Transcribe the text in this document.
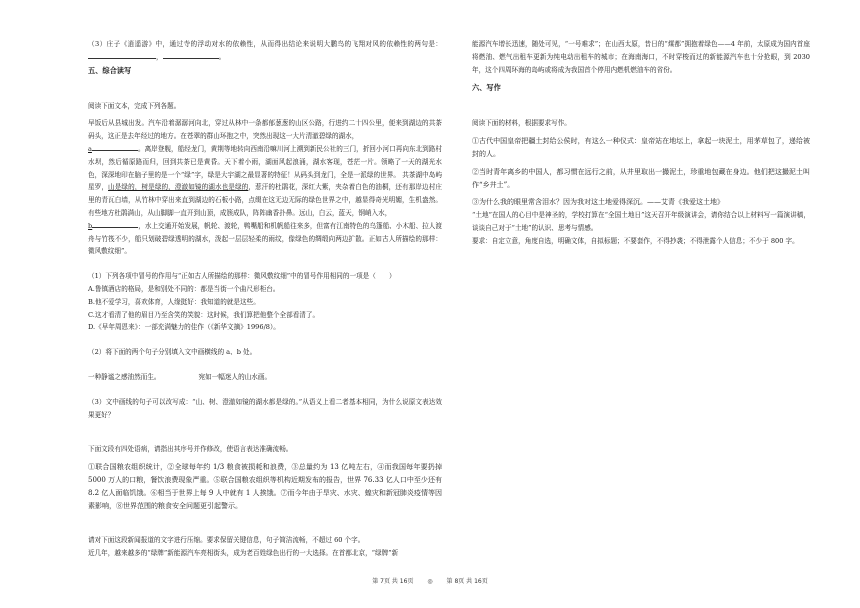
（3）庄子《逍遥游》中，通过寺的浮动对水的依赖性，从而得出结论来说明大鹏鸟的飞翔对风的依赖性的两句是：，	。

五、综合读写

阅读下面文本，完成下列各题。

早饭后从县城出发。汽车沿着潺潺河向北，穿过从林中一条都郁葱葱的山区公路，行进约二十四公里，便来到湖边的共茶码头，这正是去年经过的地方。在苍翠的群山环抱之中，突然出现这一大片清澈碧绿的湖水，
a	。离岸登舰，船经龙门，黄荆等地转向西南沿嘛川河上溯到新民公社的三门，折回小河口再向东北到路村水坝，然后循原路而归，回到共茶已是黄昏。天下着小雨，湖面风起浪涌，湖水客现，苍茫一片。领略了一天的湖光水色，深深地印在脑子里的是一个“绿”字，绿是大宇湖之最显著的特征！从码头到龙门，全是一派绿的世界。 共茶湖中岛屿星罗，山是绿的，树是绿的，澄澈如镜的湖水也是绿的，惹汗的杜鹃花，深红大紫，夹杂着白色的油桐，还有那岸边村庄里的青瓦白墙，从竹林中穿出来直到湖边的石板小路，点缀在这无边无际的绿色世界之中，越显得奇光明媚，生机盎然。有些地方杜鹃满山，从山脚脚一直开到山顶，成簇成队，阵阵幽香扑鼻。远山，白云，蓝天，钢峭入水，
b	，水上交通开始发展，帆轮、渡轮，鸭嘴船和机帆船往来多，但富有江南特色的乌篷船、小木船、拉人渡舟与竹筏不少，船只划破碧绿透明的湖水，泼起一层层轻柔的雨纹，像绿色的绸缎向两边扩散。正如古人所描绘的那样：微风敷纹细”。

（1）下列各项中冒号的作用与“正如古人所描绘的那样：微风敷纹细”中的冒号作用相同的一项是（　　）

A.鲁镇酒店的格局，是和别处不同的：都是当街一个曲尺形柜台。

B.他不爱学习，喜欢体育，人缘挺好：我知道的就是这些。

C.这才看清了他的眉目乃至含笑的笑貌：这时候，我们算把他整个全部看清了。

D.《早年周恩来》：一部充满魅力的佳作（《新华文摘》1996/8）。

（2）将下面的两个句子分别填入文中画横线的 a、b 处。

一种静谧之感油然而生。	宛如一幅迷人的山水画。

（3）文中画线的句子可以改写成：“山、树、澄澈如镜的湖水都是绿的。”从语义上看二者基本相同，为什么说原文表达效果更好？

下面文段有四处语病，请指出其序号并作修改，使语言表达准确流畅。

①联合国粮农组织统计，②全球每年约 1/3 粮食被损耗和浪费，③总量约为 13 亿吨左右，④而我国每年要扔掉 5000 万人的口粮，餐饮浪费现象严重。⑤联合国粮农组织等机构近期发布的报告，世界 76.33 亿人口中至少还有 8.2 亿人面临饥饿。⑥相当于世界上每 9 人中就有 1 人挨饿。⑦而今年由于旱灾、水灾、蝗灾和新冠肺炎疫情等因素影响，⑧世界范围的粮食安全问题更引起警示。

请对下面这段新闻报道的文字进行压缩。要求保留关键信息，句子简洁流畅，不超过 60 个字。

近几年，越来越多的“绿牌”新能源汽车亮相街头，成为老百姓绿色出行的一大选择。在首都北京，“绿牌”新

能源汽车增长迅速，随处可见，“一号难求”；在山西太原，昔日的“煤都”拥抱着绿色——4 年前，太原成为国内首座将燃油、燃气出租车更新为纯电动出租车的城市；在海南海口，不时穿梭而过的新能源汽车也十分抢眼，到 2030 年，这个四周环海的岛屿或将成为我国首个停用内燃机燃油车的省份。

六、写作

阅读下面的材料，根据要求写作。

①古代中国皇帝把疆土封给公侯时，有这么一种仪式：皇帝站在地坛上，拿起一块泥土，用茅草包了，递给被封的人。

②当时青年离乡的中国人，都习惯在远行之前，从井里取出一撮泥土，珍重地包藏在身边。他们把这撮泥土叫作“乡井土”。

③为什么我的眼里常含泪水？因为我对这土地爱得深沉。——艾青《我爱这土地》

“土地”在国人的心目中是神圣的，学校打算在“全国土地日”这天召开年级演讲会，请你结合以上材料写一篇演讲稿，谈谈自己对于“土地”的认识、思考与情感。

要求：自定立意，角度自选，明确文体，自拟标题；不要套作，不得抄袭；不得泄露个人信息；不少于 800 字。

第 7页 共 16页 ◎ 第 8页 共 16页
